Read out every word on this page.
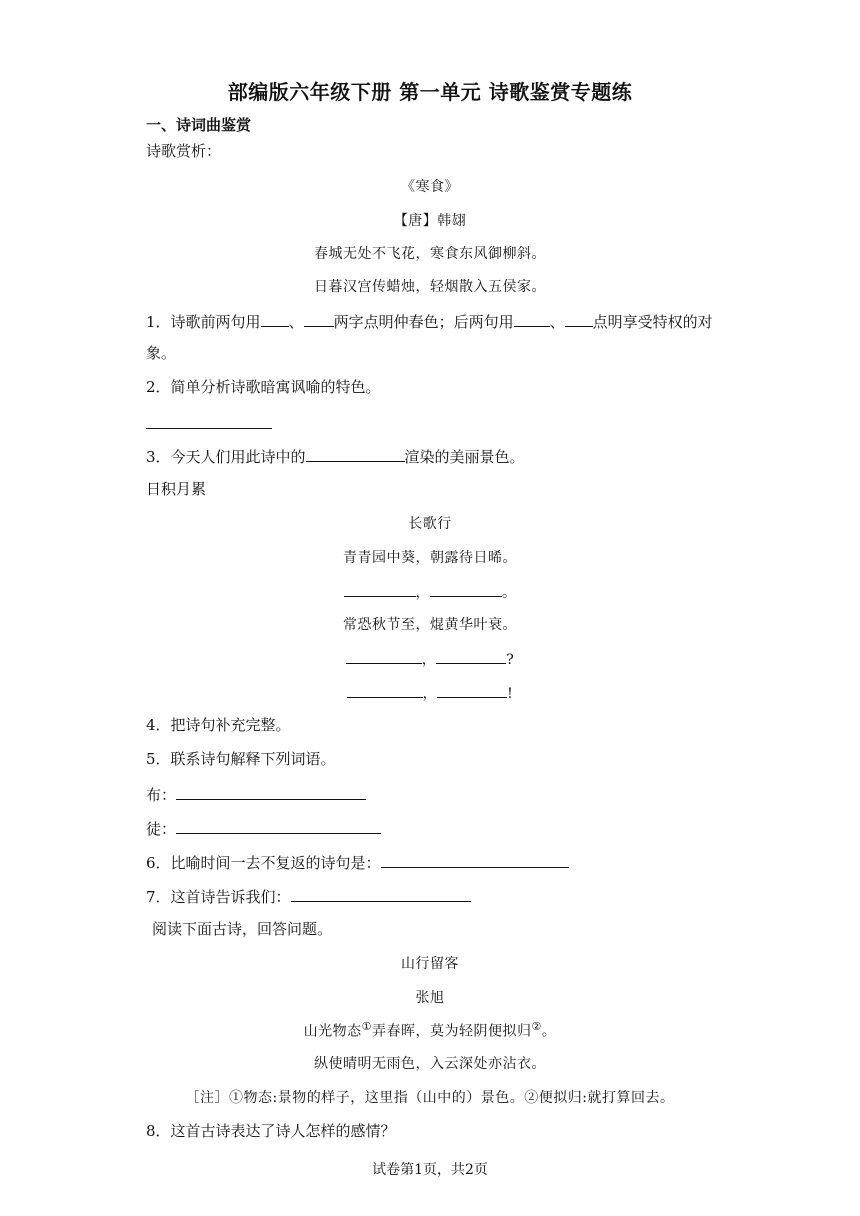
部编版六年级下册 第一单元 诗歌鉴赏专题练
一、诗词曲鉴赏
诗歌赏析：
《寒食》
【唐】韩翃
春城无处不飞花，寒食东风御柳斜。
日暮汉宫传蜡烛，轻烟散入五侯家。
1．诗歌前两句用 、 两字点明仲春色；后两句用 、 点明享受特权的对
象。
2．简单分析诗歌暗寓讽喻的特色。
3．今天人们用此诗中的	渲染的美丽景色。
日积月累
长歌行
青青园中葵，朝露待日晞。
，	。
常恐秋节至，焜黄华叶衰。
，	?
，	!
4．把诗句补充完整。
5．联系诗句解释下列词语。
布：
徒：
6．比喻时间一去不复返的诗句是：
7．这首诗告诉我们：
阅读下面古诗，回答问题。
山行留客
张旭
山光物态①弄春晖，莫为轻阴便拟归②。
纵使晴明无雨色，入云深处亦沾衣。
［注］①物态:景物的样子，这里指（山中的）景色。②便拟归:就打算回去。
8．这首古诗表达了诗人怎样的感情？
试卷第1页，共2页
